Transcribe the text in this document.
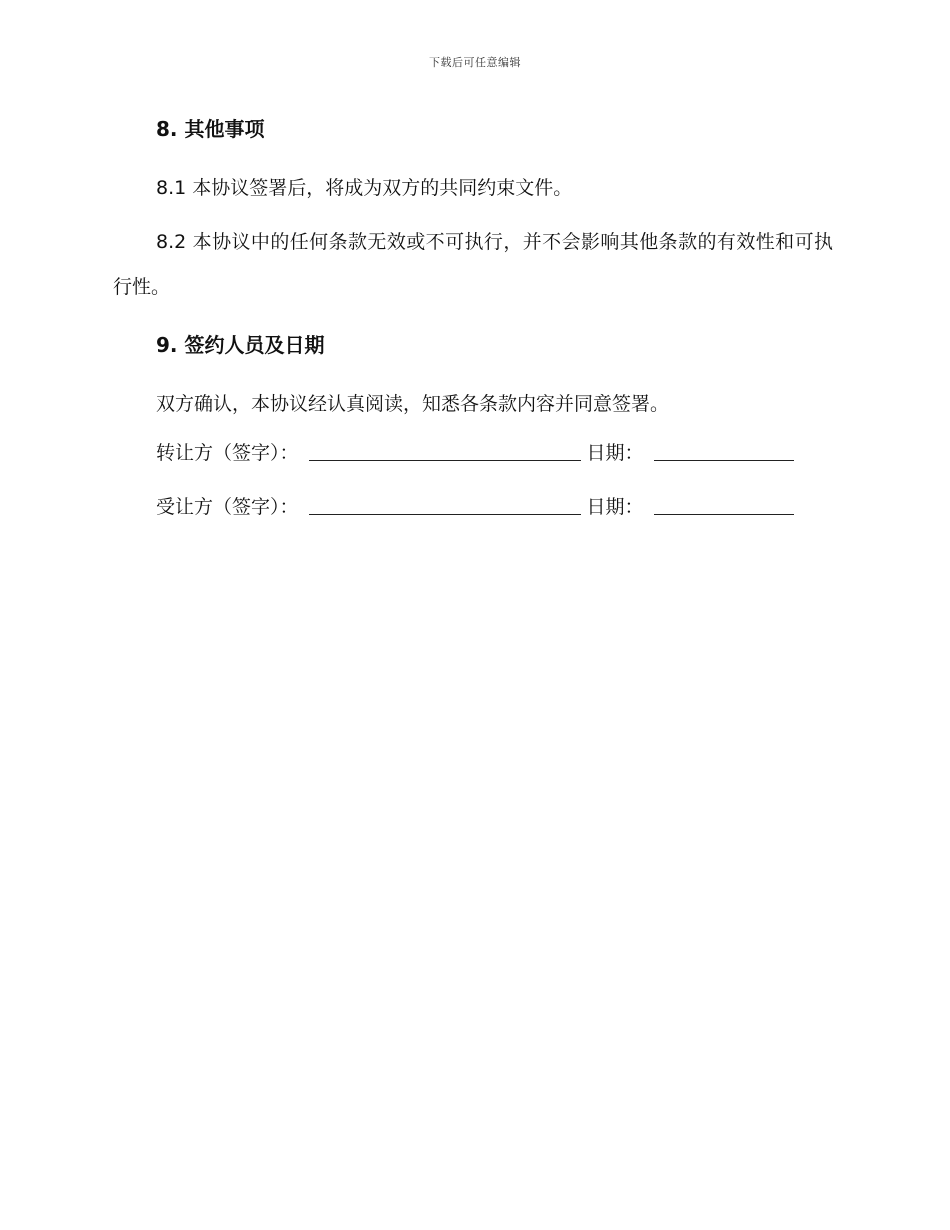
下载后可任意编辑
8. 其他事项

8.1 本协议签署后，将成为双方的共同约束文件。

8.2 本协议中的任何条款无效或不可执行，并不会影响其他条款的有效性和可执行性。

9. 签约人员及日期

双方确认，本协议经认真阅读，知悉各条款内容并同意签署。

转让方（签字）：	日期：
受让方（签字）：	日期：
